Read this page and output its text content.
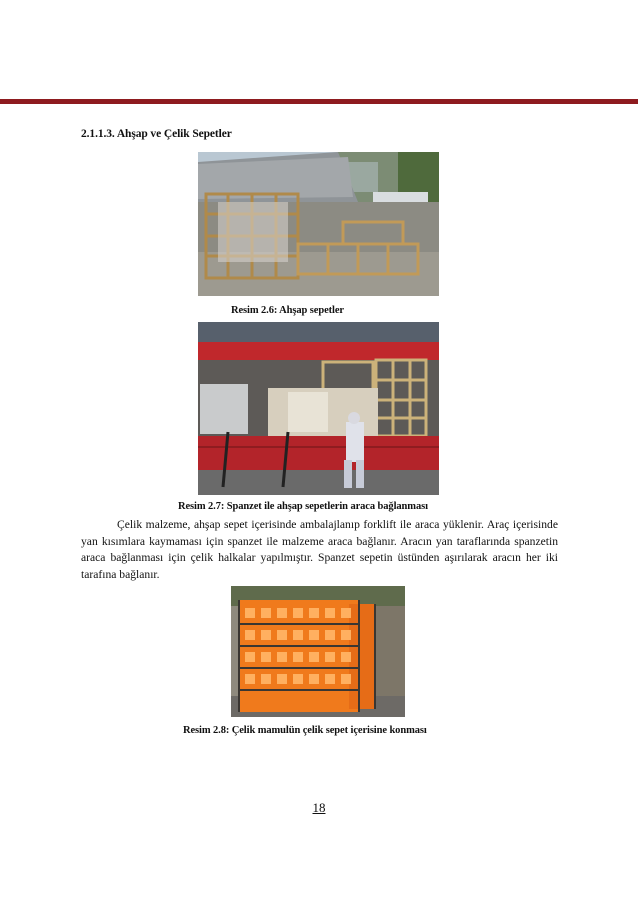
2.1.1.3. Ahşap ve Çelik Sepetler
Resim 2.6: Ahşap sepetler
Resim 2.7: Spanzet ile ahşap sepetlerin araca bağlanması
Çelik malzeme, ahşap sepet içerisinde ambalajlanıp forklift ile araca yüklenir. Araç içerisinde yan kısımlara kaymaması için spanzet ile malzeme araca bağlanır. Aracın yan taraflarında spanzetin araca bağlanması için çelik halkalar yapılmıştır. Spanzet sepetin üstünden aşırılarak aracın her iki tarafına bağlanır.
Resim 2.8: Çelik mamulün çelik sepet içerisine konması
18
